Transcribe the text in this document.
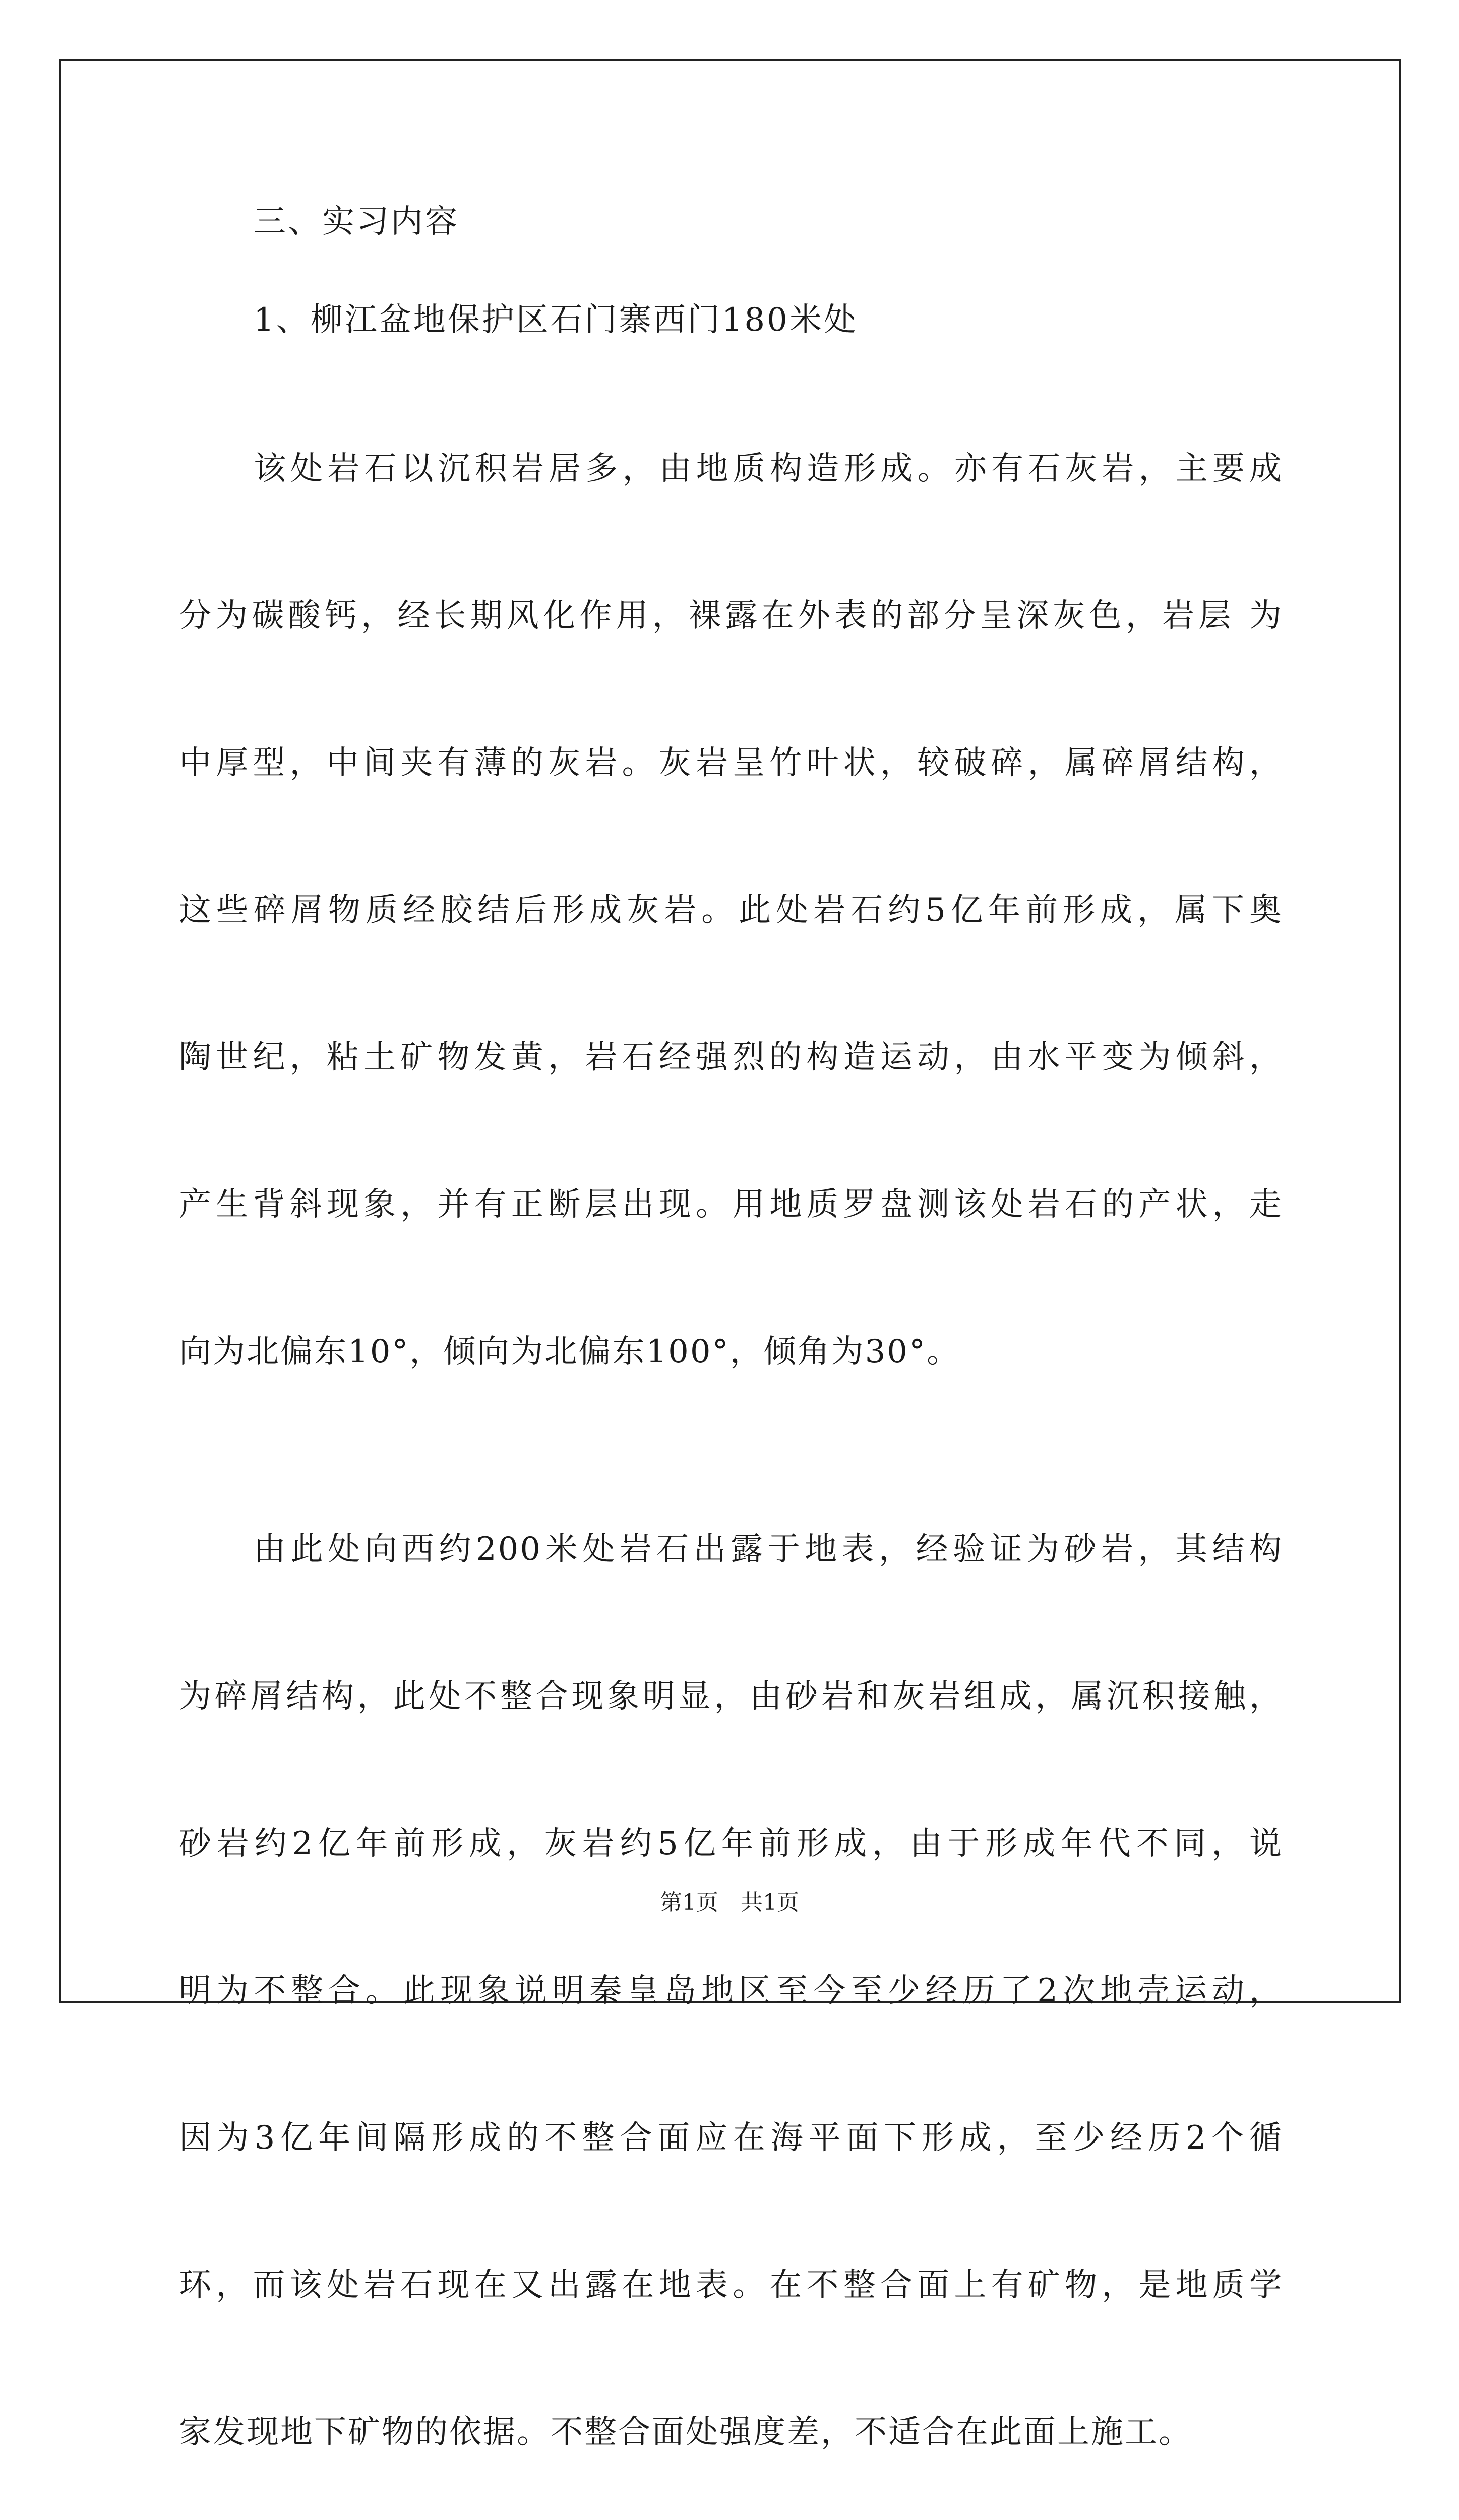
三、实习内容
1、柳江盆地保护区石门寨西门180米处

该处岩石以沉积岩居多，由地质构造形成。亦有石灰岩，主要成

分为碳酸钙，经长期风化作用，裸露在外表的部分呈深灰色，岩层 为

中厚型，中间夹有薄的灰岩。灰岩呈竹叶状，较破碎，属碎屑结构，

这些碎屑物质经胶结后形成灰岩。此处岩石约5亿年前形成，属下奥

陶世纪，粘土矿物发黄，岩石经强烈的构造运动，由水平变为倾斜，

产生背斜现象，并有正断层出现。用地质罗盘测该处岩石的产状，走

向为北偏东10°，倾向为北偏东100°，倾角为30°。

由此处向西约200米处岩石出露于地表，经验证为砂岩，其结构

为碎屑结构，此处不整合现象明显，由砂岩和灰岩组成，属沉积接触，

砂岩约2亿年前形成，灰岩约5亿年前形成，由于形成年代不同，说

明为不整合。此现象说明秦皇岛地区至今至少经历了2次地壳运动，

因为3亿年间隔形成的不整合面应在海平面下形成，至少经历2个循

环，而该处岩石现在又出露在地表。在不整合面上有矿物，是地质学

家发现地下矿物的依据。不整合面处强度差，不适合在此面上施工。

第1页　共1页
